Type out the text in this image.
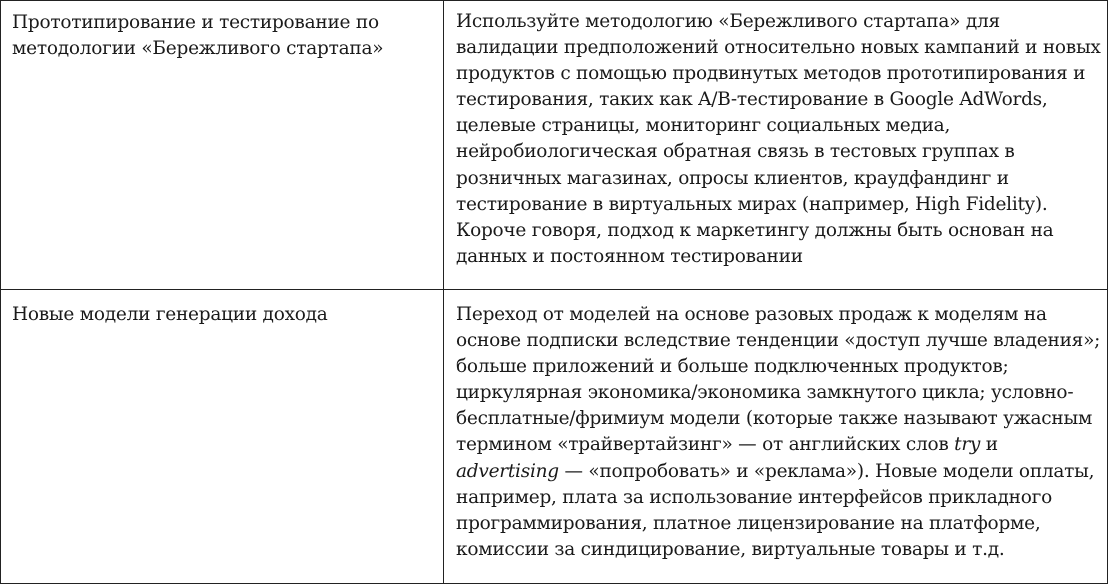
Прототипирование и тестирование по методологии «Бережливого стартапа»	Используйте методологию «Бережливого стартапа» для валидации предположений относительно новых кампаний и новых продуктов с помощью продвинутых методов прототипирования и тестирования, таких как A/B-тестирование в Google AdWords, целевые страницы, мониторинг социальных медиа, нейробиологическая обратная связь в тестовых группах в розничных магазинах, опросы клиентов, краудфандинг и тестирование в виртуальных мирах (например, High Fidelity). Короче говоря, подход к маркетингу должны быть основан на данных и постоянном тестировании

Новые модели генерации дохода	Переход от моделей на основе разовых продаж к моделям на основе подписки вследствие тенденции «доступ лучше владения»; больше приложений и больше подключенных продуктов; циркулярная экономика/экономика замкнутого цикла; условно-бесплатные/фримиум модели (которые также называют ужасным термином «трайвертайзинг» — от английских слов try и advertising — «попробовать» и «реклама»). Новые модели оплаты, например, плата за использование интерфейсов прикладного программирования, платное лицензирование на платформе, комиссии за синдицирование, виртуальные товары и т.д.
